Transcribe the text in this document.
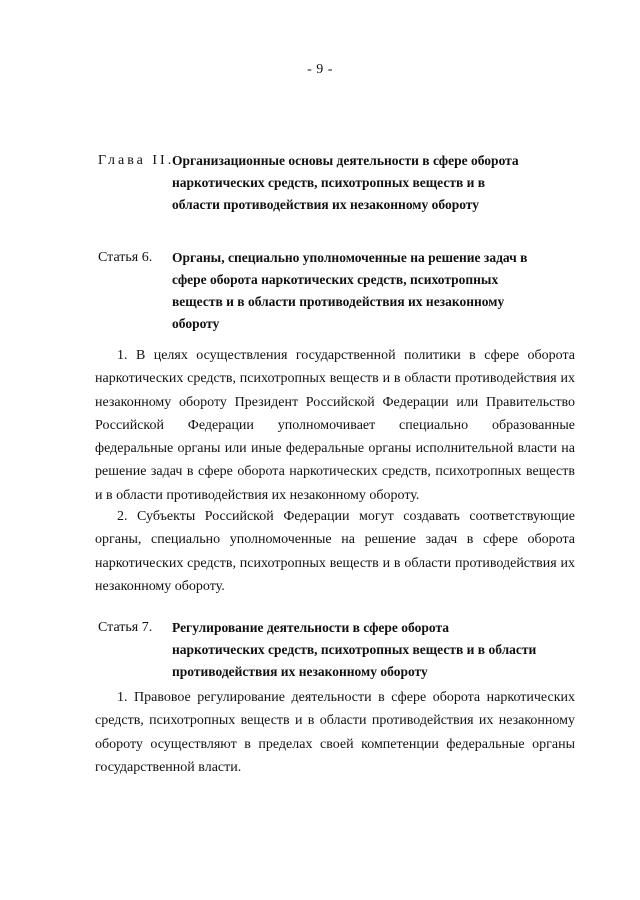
- 9 -
Глава II.
Организационные основы деятельности в сфере оборота
наркотических средств, психотропных веществ и в
области противодействия их незаконному обороту
Статья 6. Органы, специально уполномоченные на решение задач в
сфере оборота наркотических средств, психотропных
веществ и в области противодействия их незаконному
обороту

1. В целях осуществления государственной политики в сфере оборота наркотических средств, психотропных веществ и в области противодействия их незаконному обороту Президент Российской Федерации или Правительство Российской Федерации уполномочивает специально образованные федеральные органы или иные федеральные органы исполнительной власти на решение задач в сфере оборота наркотических средств, психотропных веществ и в области противодействия их незаконному обороту.

2. Субъекты Российской Федерации могут создавать соответствующие органы, специально уполномоченные на решение задач в сфере оборота наркотических средств, психотропных веществ и в области противодействия их незаконному обороту.

Статья 7. Регулирование деятельности в сфере оборота
наркотических средств, психотропных веществ и в области
противодействия их незаконному обороту

1. Правовое регулирование деятельности в сфере оборота наркотических средств, психотропных веществ и в области противодействия их незаконному обороту осуществляют в пределах своей компетенции федеральные органы государственной власти.
